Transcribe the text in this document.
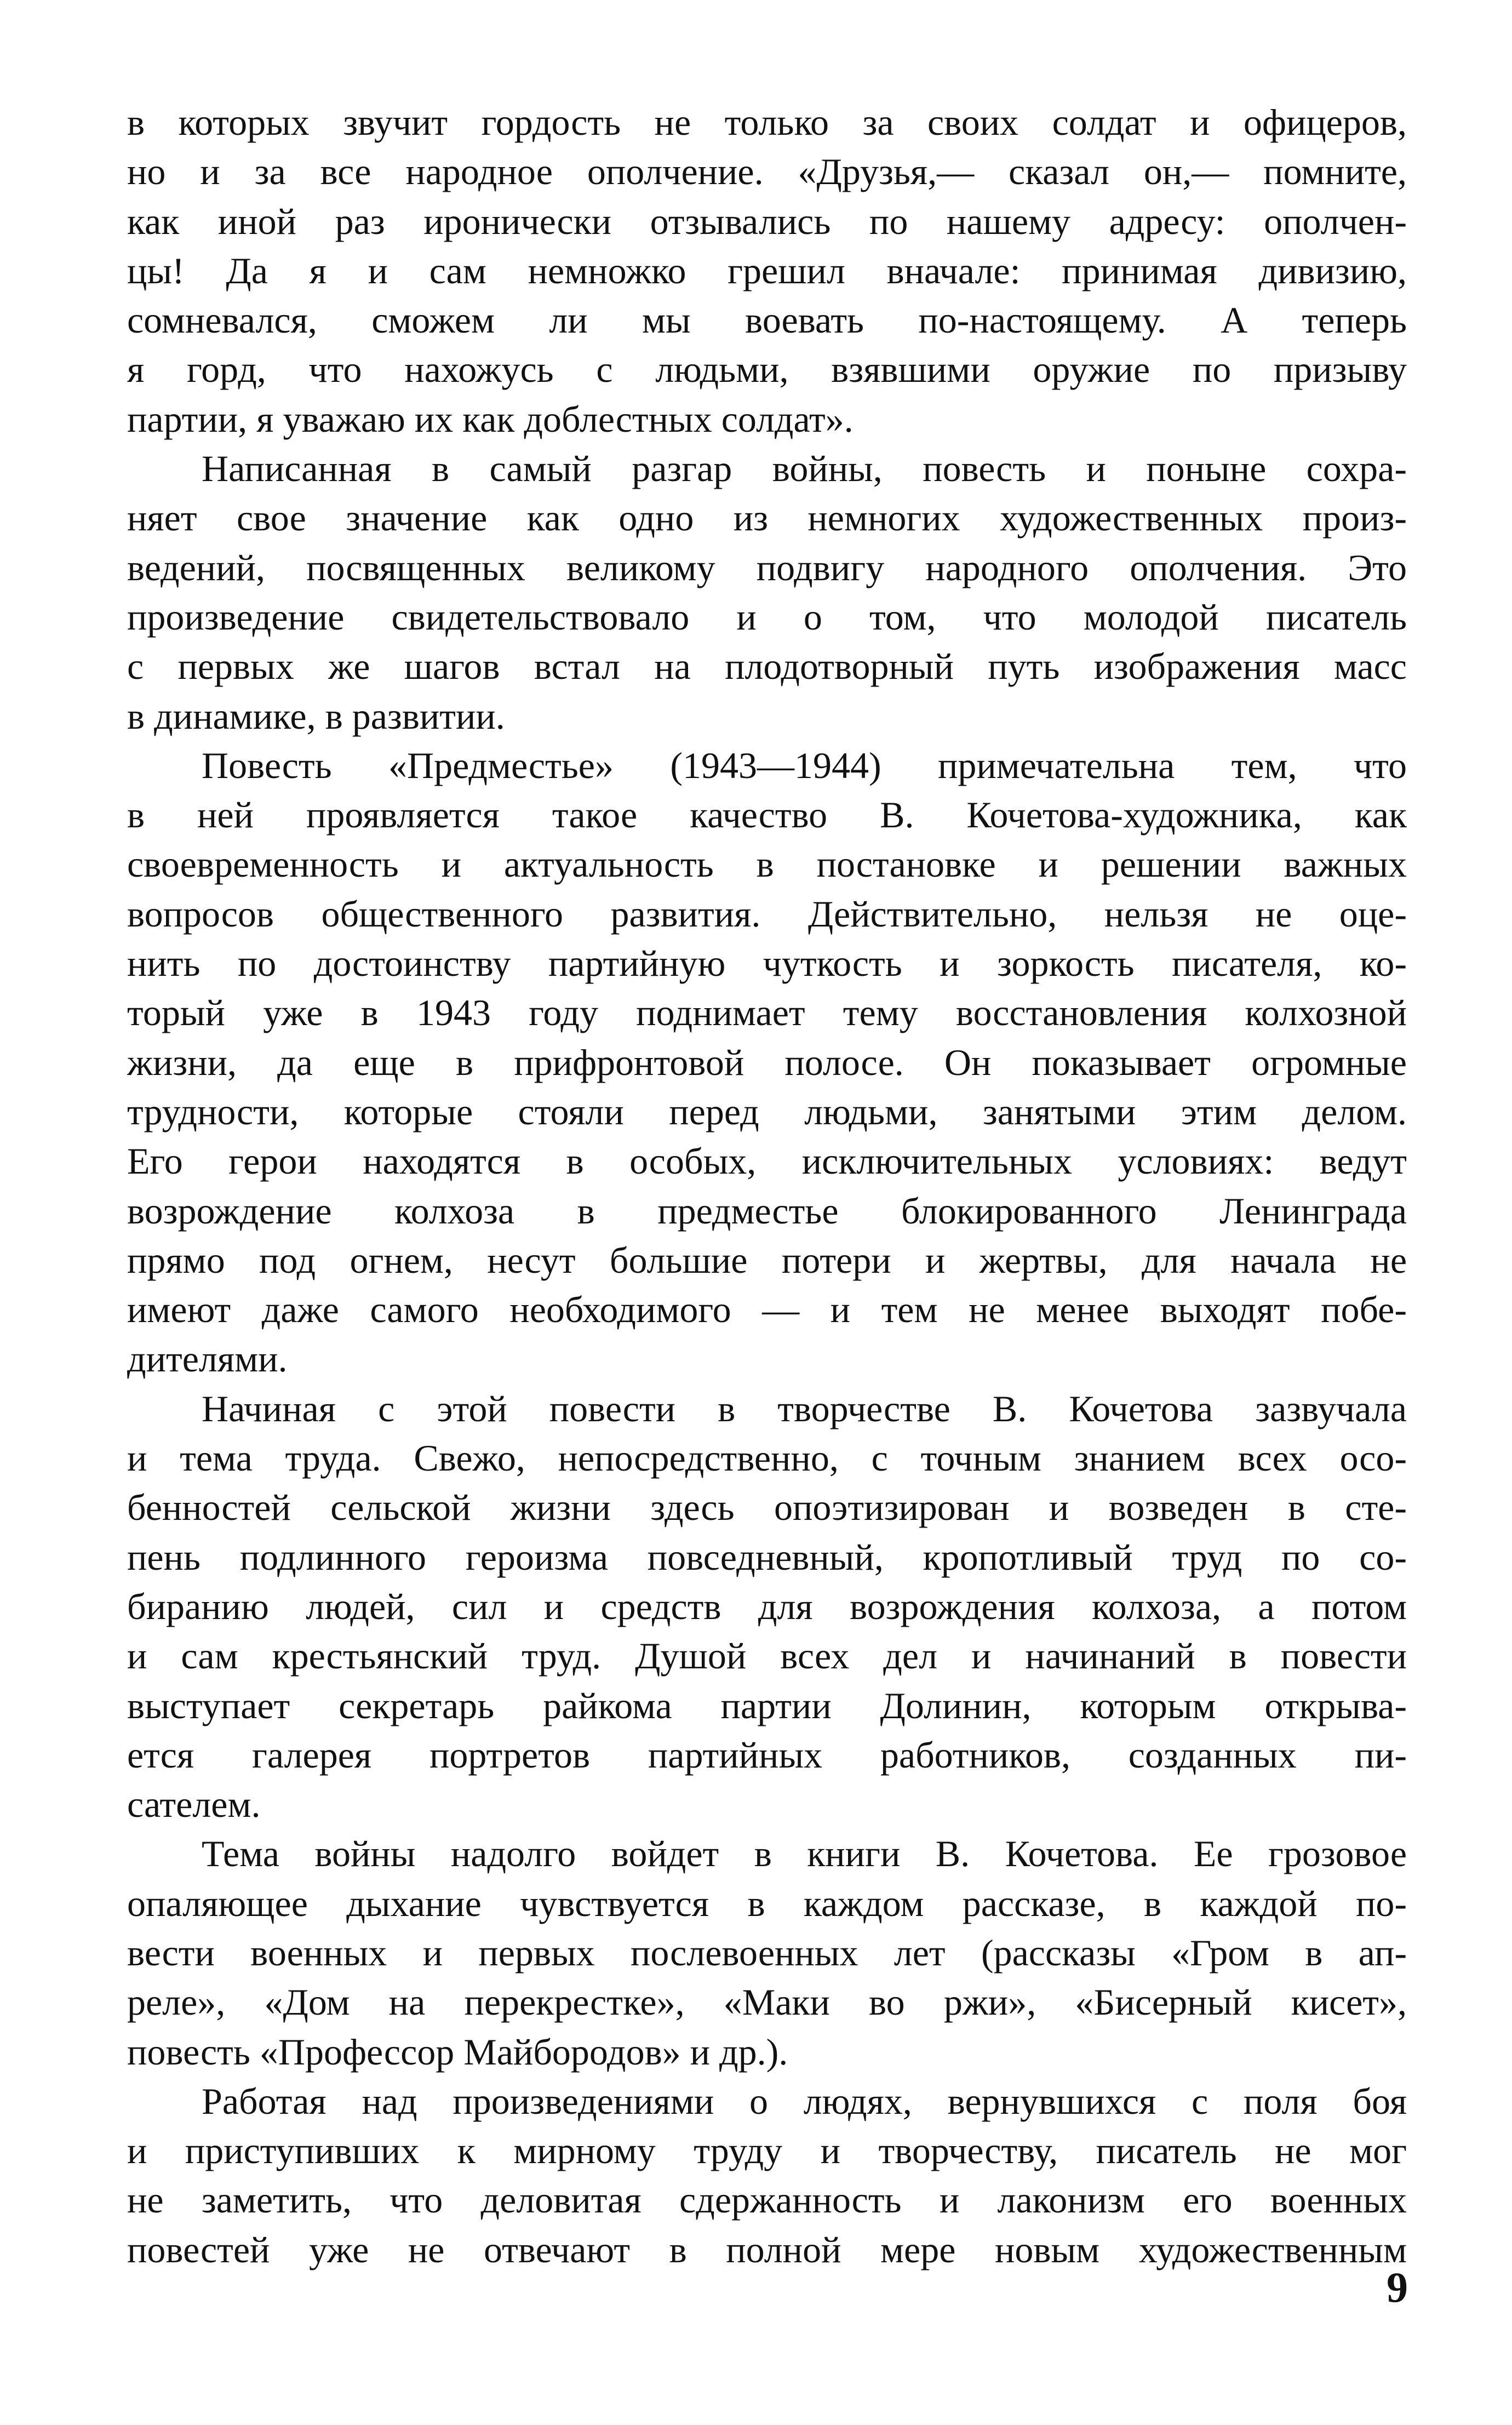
в которых звучит гордость не только за своих солдат и офицеров,
но и за все народное ополчение. «Друзья,— сказал он,— помните,
как иной раз иронически отзывались по нашему адресу: ополчен-
цы! Да я и сам немножко грешил вначале: принимая дивизию,
сомневался, сможем ли мы воевать по-настоящему. А теперь
я горд, что нахожусь с людьми, взявшими оружие по призыву
партии, я уважаю их как доблестных солдат».
Написанная в самый разгар войны, повесть и поныне сохра-
няет свое значение как одно из немногих художественных произ-
ведений, посвященных великому подвигу народного ополчения. Это
произведение свидетельствовало и о том, что молодой писатель
с первых же шагов встал на плодотворный путь изображения масс
в динамике, в развитии.
Повесть «Предместье» (1943—1944) примечательна тем, что
в ней проявляется такое качество В. Кочетова-художника, как
своевременность и актуальность в постановке и решении важных
вопросов общественного развития. Действительно, нельзя не оце-
нить по достоинству партийную чуткость и зоркость писателя, ко-
торый уже в 1943 году поднимает тему восстановления колхозной
жизни, да еще в прифронтовой полосе. Он показывает огромные
трудности, которые стояли перед людьми, занятыми этим делом.
Его герои находятся в особых, исключительных условиях: ведут
возрождение колхоза в предместье блокированного Ленинграда
прямо под огнем, несут большие потери и жертвы, для начала не
имеют даже самого необходимого — и тем не менее выходят побе-
дителями.
Начиная с этой повести в творчестве В. Кочетова зазвучала
и тема труда. Свежо, непосредственно, с точным знанием всех осо-
бенностей сельской жизни здесь опоэтизирован и возведен в сте-
пень подлинного героизма повседневный, кропотливый труд по со-
биранию людей, сил и средств для возрождения колхоза, а потом
и сам крестьянский труд. Душой всех дел и начинаний в повести
выступает секретарь райкома партии Долинин, которым открыва-
ется галерея портретов партийных работников, созданных пи-
сателем.
Тема войны надолго войдет в книги В. Кочетова. Ее грозовое
опаляющее дыхание чувствуется в каждом рассказе, в каждой по-
вести военных и первых послевоенных лет (рассказы «Гром в ап-
реле», «Дом на перекрестке», «Маки во ржи», «Бисерный кисет»,
повесть «Профессор Майбородов» и др.).
Работая над произведениями о людях, вернувшихся с поля боя
и приступивших к мирному труду и творчеству, писатель не мог
не заметить, что деловитая сдержанность и лаконизм его военных
повестей уже не отвечают в полной мере новым художественным
9
